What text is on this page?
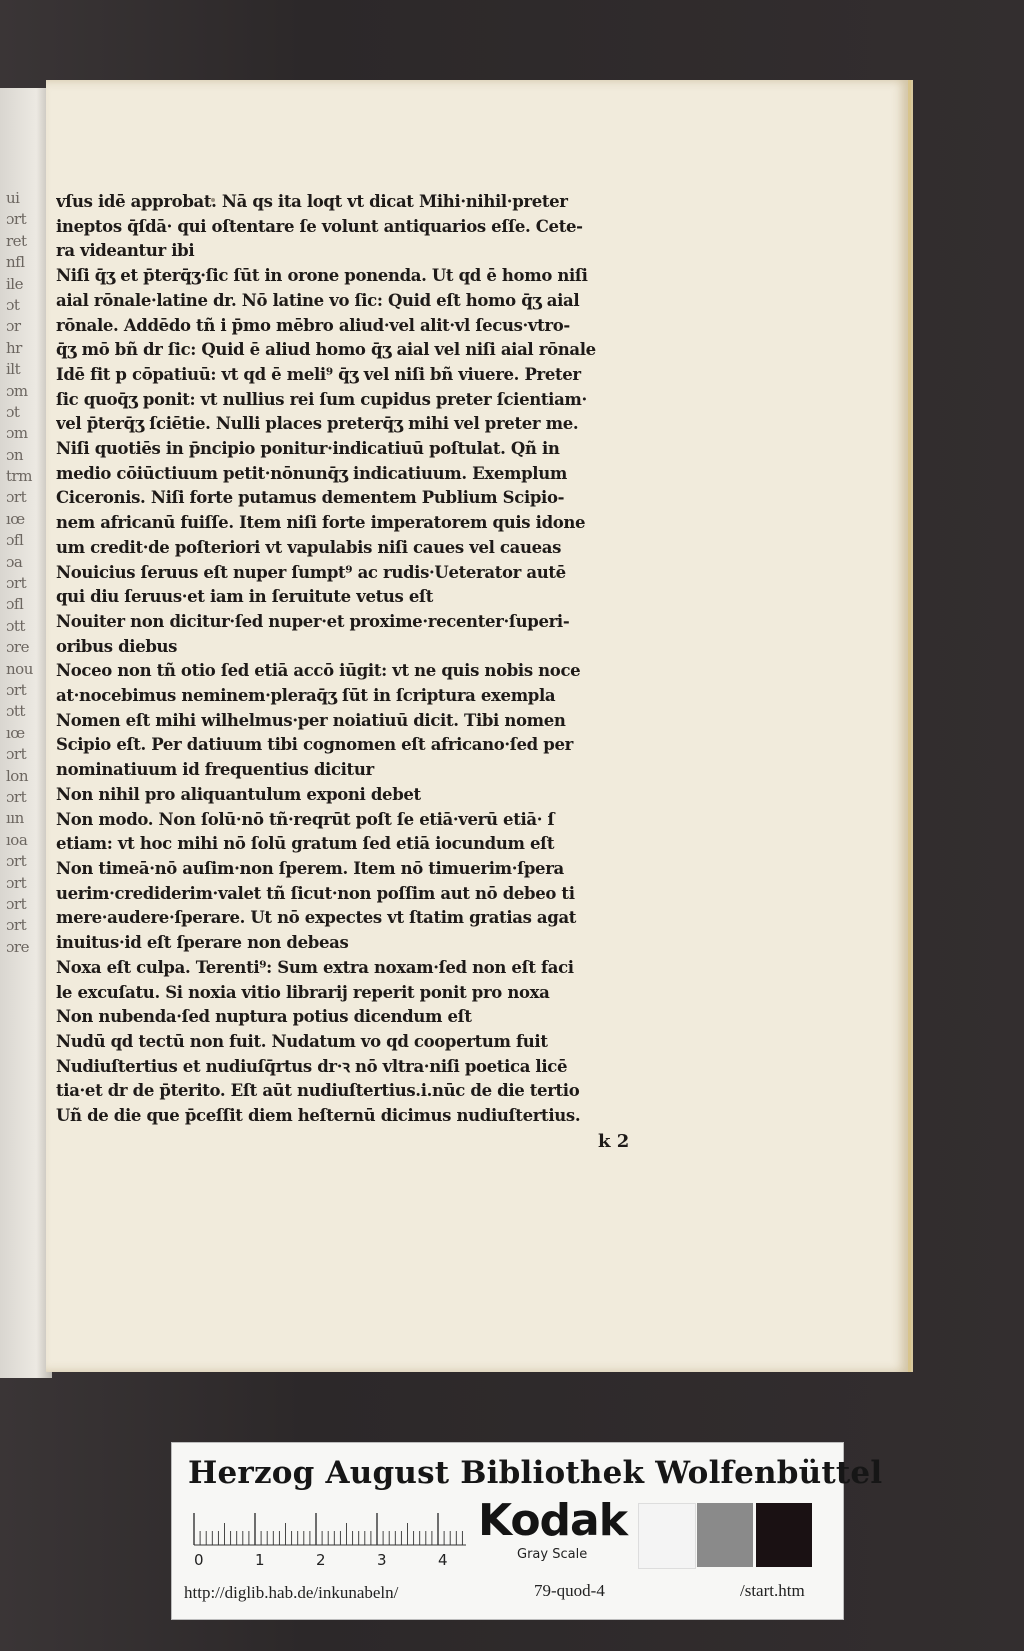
ui
ɔrt
ret
nfl
ile
ɔt
ɔr
hr
ilt
ɔm
ɔt
ɔm
ɔn
trm
ɔrt
ıœ
ɔfl
ɔa
ɔrt
ɔfl
ɔtt
ɔre
nou
ɔrt
ɔtt
ıœ
ɔrt
lon
ɔrt
ıın
ıoa
ɔrt
ɔrt
ɔrt
ɔrt
ɔre
vſus idē approbat. Nā qs ita loqt vt dicat Mihi·nihil·preter
ineptos q̄ſdā· qui oſtentare ſe volunt antiquarios eſſe. Cete-
ra videantur ibi
Niſi q̄ʒ et p̄terq̄ʒ·ſic ſūt in orone ponenda. Ut qd ē homo niſi
aial rōnale·latine dr. Nō latine vo ſic: Quid eſt homo q̄ʒ aial
rōnale. Addēdo tñ i p̄mo mēbro aliud·vel alit·vl ſecus·vtro-
q̄ʒ mō bñ dr ſic: Quid ē aliud homo q̄ʒ aial vel niſi aial rōnale
Idē fit p cōpatiuū: vt qd ē meli⁹ q̄ʒ vel niſi bñ viuere. Preter
ſic quoq̄ʒ ponit: vt nullius rei ſum cupidus preter ſcientiam·
vel p̄terq̄ʒ ſciētie. Nulli places preterq̄ʒ mihi vel preter me.
Niſi quotiēs in p̄ncipio ponitur·indicatiuū poſtulat. Qñ in
medio cōiūctiuum petit·nōnunq̄ʒ indicatiuum. Exemplum
Ciceronis. Niſi forte putamus dementem Publium Scipio-
nem africanū fuiſſe. Item niſi forte imperatorem quis idone
um credit·de poſteriori vt vapulabis niſi caues vel caueas
Nouicius ſeruus eſt nuper ſumpt⁹ ac rudis·Ueterator autē
qui diu ſeruus·et iam in ſeruitute vetus eſt
Nouiter non dicitur·ſed nuper·et proxime·recenter·ſuperi-
oribus diebus
Noceo non tñ otio ſed etiā accō iūgit: vt ne quis nobis noce
at·nocebimus neminem·pleraq̄ʒ ſūt in ſcriptura exempla
Nomen eſt mihi wilhelmus·per noiatiuū dicit. Tibi nomen
Scipio eſt. Per datiuum tibi cognomen eſt africano·ſed per
nominatiuum id frequentius dicitur
Non nihil pro aliquantulum exponi debet
Non modo. Non ſolū·nō tñ·reqrūt poſt ſe etiā·verū etiā· ſ
etiam: vt hoc mihi nō ſolū gratum ſed etiā iocundum eſt
Non timeā·nō auſim·non ſperem. Item nō timuerim·ſpera
uerim·crediderim·valet tñ ſicut·non poſſim aut nō debeo ti
mere·audere·ſperare. Ut nō expectes vt ſtatim gratias agat
inuitus·id eſt ſperare non debeas
Noxa eſt culpa. Terenti⁹: Sum extra noxam·ſed non eſt faci
le excuſatu. Si noxia vitio librarij reperit ponit pro noxa
Non nubenda·ſed nuptura potius dicendum eſt
Nudū qd tectū non fuit. Nudatum vo qd coopertum fuit
Nudiuſtertius et nudiuſq̄rtus dr·ꝛ nō vltra·niſi poetica licē
tia·et dr de p̄terito. Eſt aūt nudiuſtertius.i.nūc de die tertio
Uñ de die que p̄ceſſit diem heſternū dicimus nudiuſtertius.
k 2
Herzog August Bibliothek Wolfenbüttel
0	1	2	3	4
Kodak
Gray Scale
http://diglib.hab.de/inkunabeln/	79-quod-4	/start.htm
